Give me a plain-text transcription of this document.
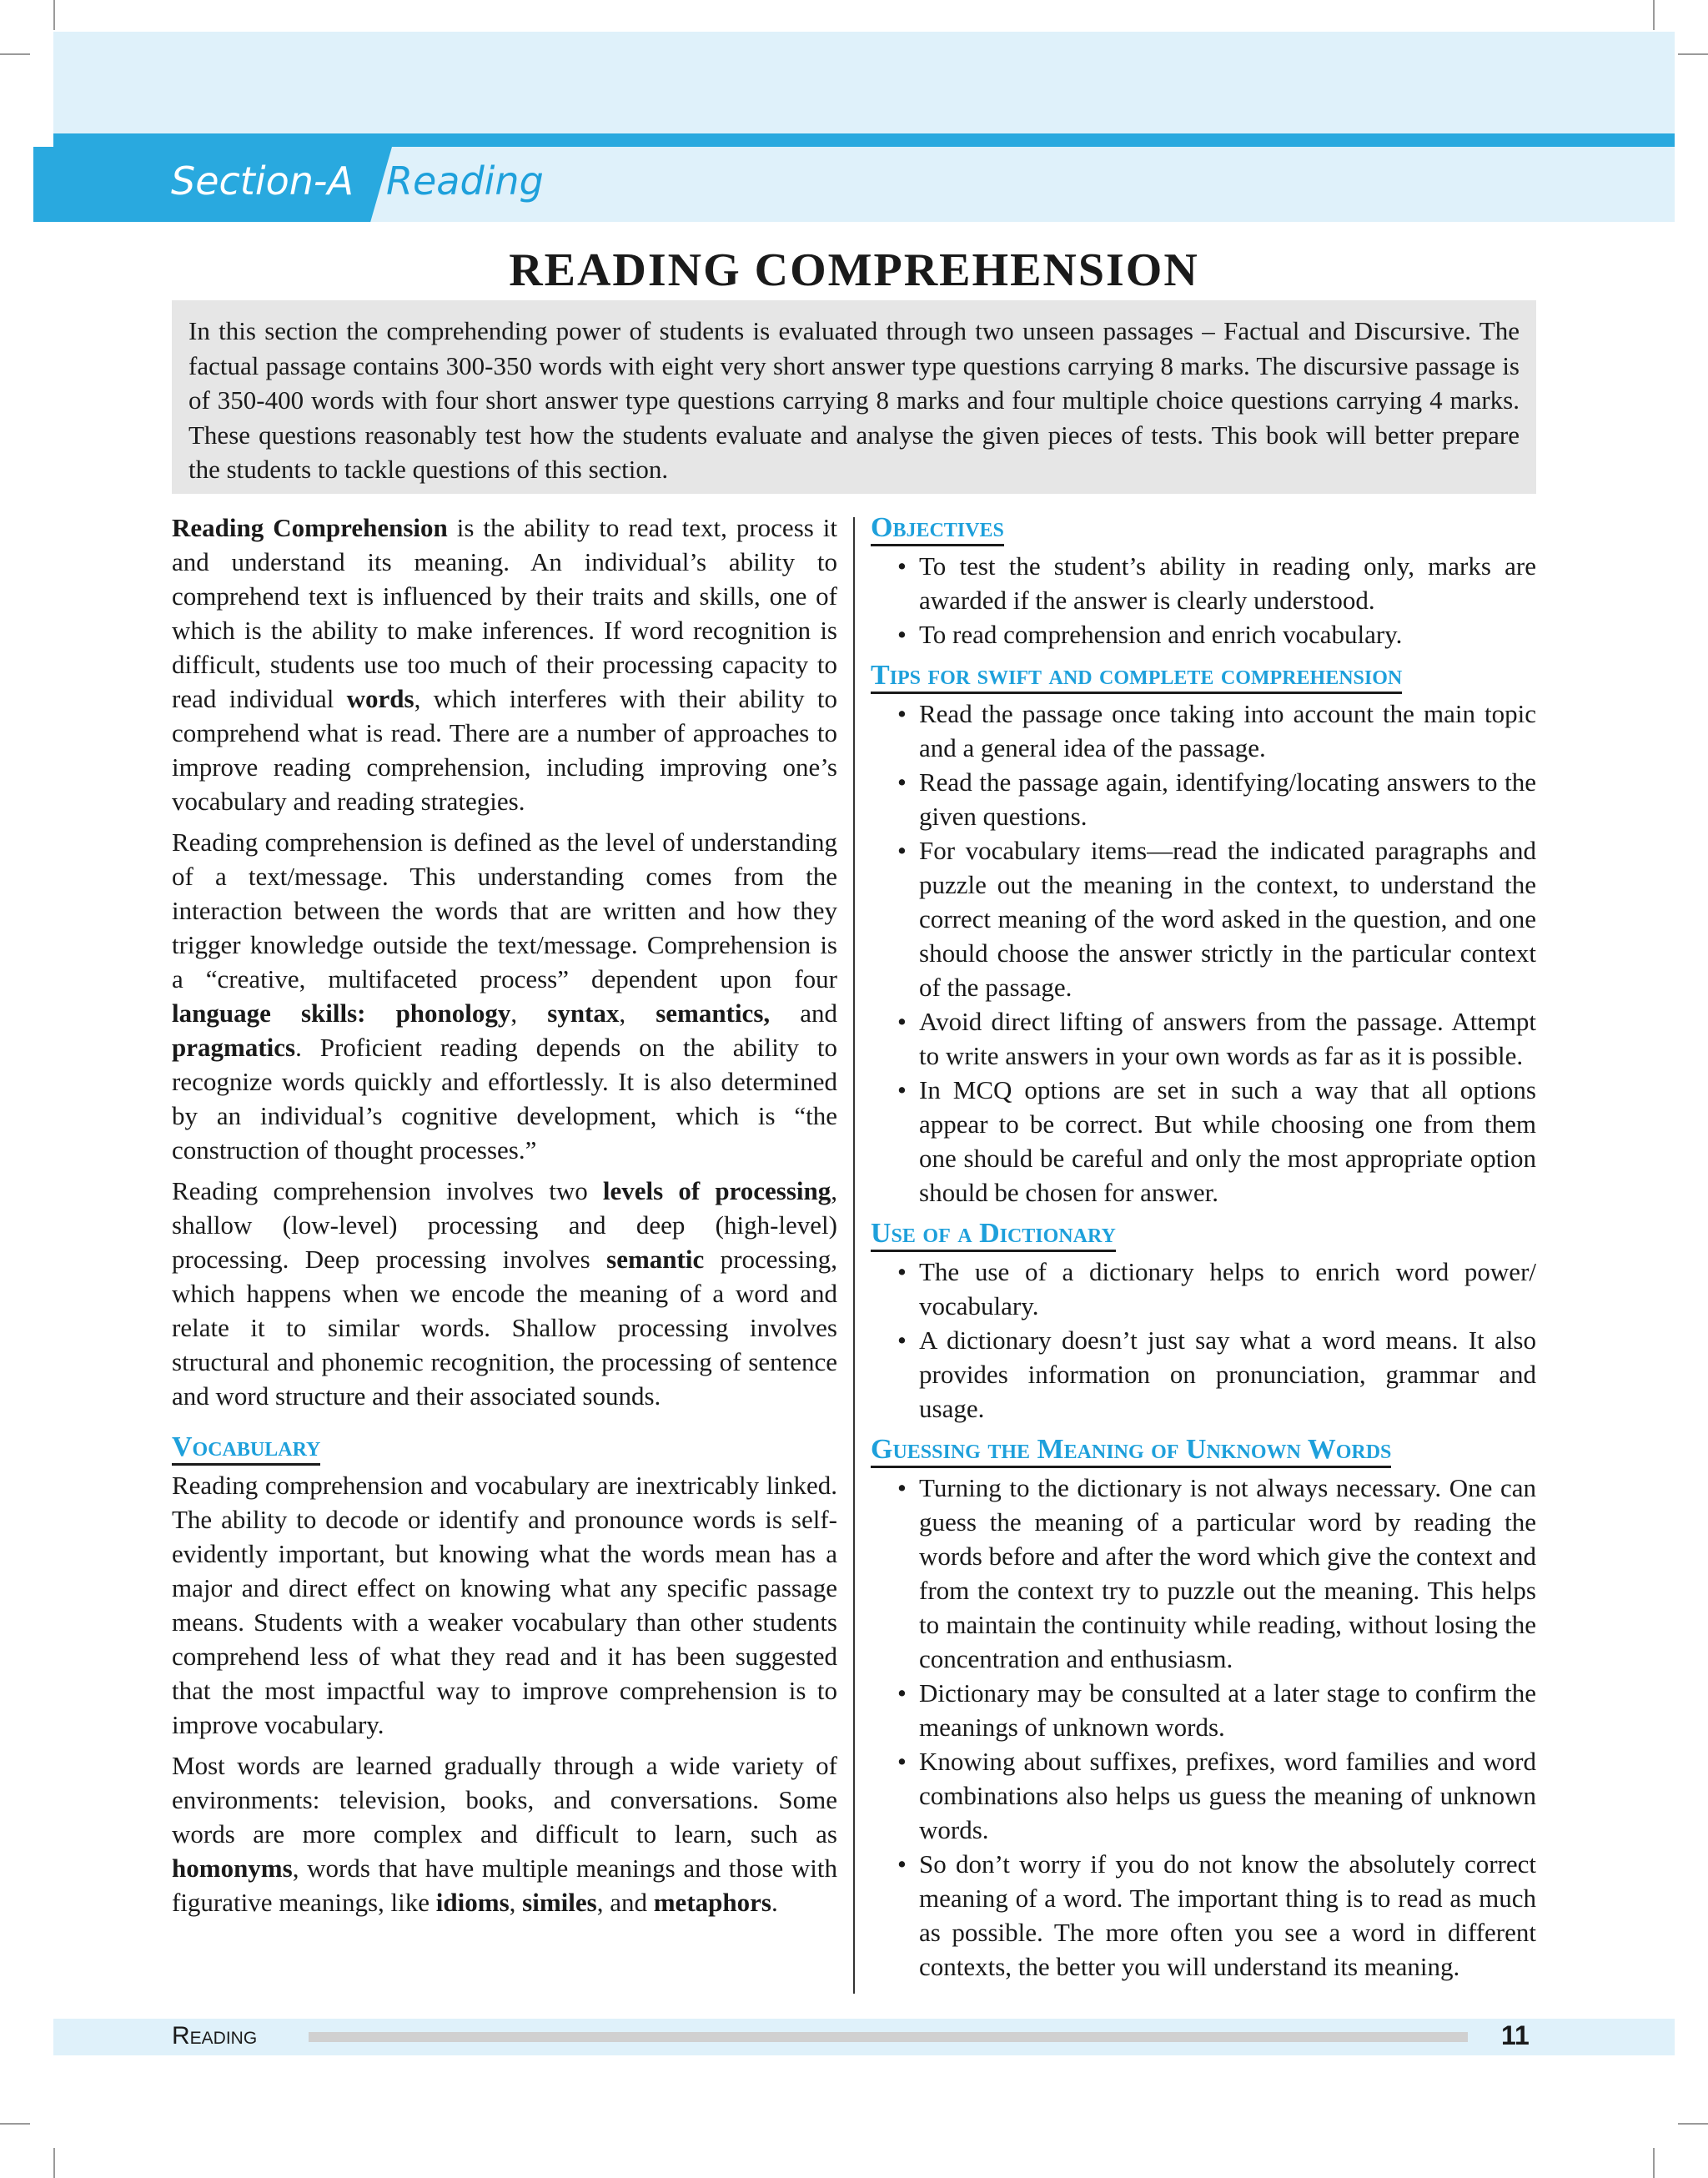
Section-A Reading
READING COMPREHENSION

In this section the comprehending power of students is evaluated through two unseen passages – Factual and Discursive. The factual passage contains 300-350 words with eight very short answer type questions carrying 8 marks. The discursive passage is of 350-400 words with four short answer type questions carrying 8 marks and four multiple choice questions carrying 4 marks. These questions reasonably test how the students evaluate and analyse the given pieces of tests. This book will better prepare the students to tackle questions of this section.

Reading Comprehension is the ability to read text, process it and understand its meaning. An individual’s ability to comprehend text is influenced by their traits and skills, one of which is the ability to make inferences. If word recognition is difficult, students use too much of their processing capacity to read individual words, which interferes with their ability to comprehend what is read. There are a number of approaches to improve reading comprehension, including improving one’s vocabulary and reading strategies.

Reading comprehension is defined as the level of understanding of a text/message. This understanding comes from the interaction between the words that are written and how they trigger knowledge outside the text/message. Comprehension is a “creative, multifaceted process” dependent upon four language skills: phonology, syntax, semantics, and pragmatics. Proficient reading depends on the ability to recognize words quickly and effortlessly. It is also determined by an individual’s cognitive development, which is “the construction of thought processes.”

Reading comprehension involves two levels of processing, shallow (low-level) processing and deep (high-level) processing. Deep processing involves semantic processing, which happens when we encode the meaning of a word and relate it to similar words. Shallow processing involves structural and phonemic recognition, the processing of sentence and word structure and their associated sounds.

Vocabulary

Reading comprehension and vocabulary are inextricably linked. The ability to decode or identify and pronounce words is self-evidently important, but knowing what the words mean has a major and direct effect on knowing what any specific passage means. Students with a weaker vocabulary than other students comprehend less of what they read and it has been suggested that the most impactful way to improve comprehension is to improve vocabulary.

Most words are learned gradually through a wide variety of environments: television, books, and conversations. Some words are more complex and difficult to learn, such as homonyms, words that have multiple meanings and those with figurative meanings, like idioms, similes, and metaphors.

Objectives
• To test the student’s ability in reading only, marks are awarded if the answer is clearly understood.
• To read comprehension and enrich vocabulary.
Tips for swift and complete comprehension
• Read the passage once taking into account the main topic and a general idea of the passage.
• Read the passage again, identifying/locating answers to the given questions.
• For vocabulary items—read the indicated paragraphs and puzzle out the meaning in the context, to understand the correct meaning of the word asked in the question, and one should choose the answer strictly in the particular context of the passage.
• Avoid direct lifting of answers from the passage. Attempt to write answers in your own words as far as it is possible.
• In MCQ options are set in such a way that all options appear to be correct. But while choosing one from them one should be careful and only the most appropriate option should be chosen for answer.
Use of a Dictionary
• The use of a dictionary helps to enrich word power/ vocabulary.
• A dictionary doesn’t just say what a word means. It also provides information on pronunciation, grammar and usage.
Guessing the Meaning of Unknown Words
• Turning to the dictionary is not always necessary. One can guess the meaning of a particular word by reading the words before and after the word which give the context and from the context try to puzzle out the meaning. This helps to maintain the continuity while reading, without losing the concentration and enthusiasm.
• Dictionary may be consulted at a later stage to confirm the meanings of unknown words.
• Knowing about suffixes, prefixes, word families and word combinations also helps us guess the meaning of unknown words.
• So don’t worry if you do not know the absolutely correct meaning of a word. The important thing is to read as much as possible. The more often you see a word in different contexts, the better you will understand its meaning.
Reading	11
